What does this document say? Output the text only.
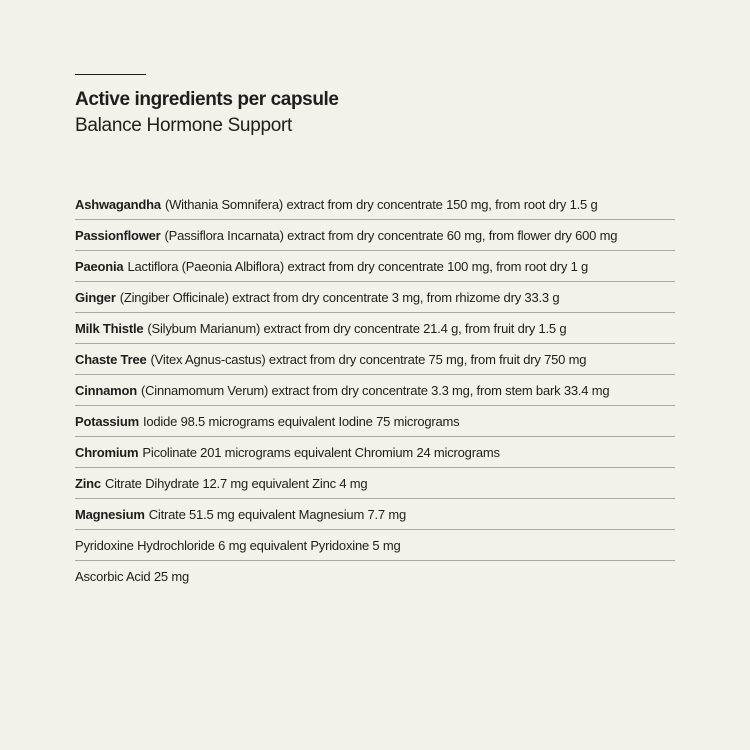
Active ingredients per capsule
Balance Hormone Support
Ashwagandha (Withania Somnifera) extract from dry concentrate 150 mg, from root dry 1.5 g
Passionflower (Passiflora Incarnata) extract from dry concentrate 60 mg, from flower dry 600 mg
Paeonia Lactiflora (Paeonia Albiflora) extract from dry concentrate 100 mg, from root dry 1 g
Ginger (Zingiber Officinale) extract from dry concentrate 3 mg, from rhizome dry 33.3 g
Milk Thistle (Silybum Marianum) extract from dry concentrate 21.4 g, from fruit dry 1.5 g
Chaste Tree (Vitex Agnus-castus) extract from dry concentrate 75 mg, from fruit dry 750 mg
Cinnamon (Cinnamomum Verum) extract from dry concentrate 3.3 mg, from stem bark 33.4 mg
Potassium Iodide 98.5 micrograms equivalent Iodine 75 micrograms
Chromium Picolinate 201 micrograms equivalent Chromium 24 micrograms
Zinc Citrate Dihydrate 12.7 mg equivalent Zinc 4 mg
Magnesium Citrate 51.5 mg equivalent Magnesium 7.7 mg
Pyridoxine Hydrochloride 6 mg equivalent Pyridoxine 5 mg
Ascorbic Acid 25 mg
